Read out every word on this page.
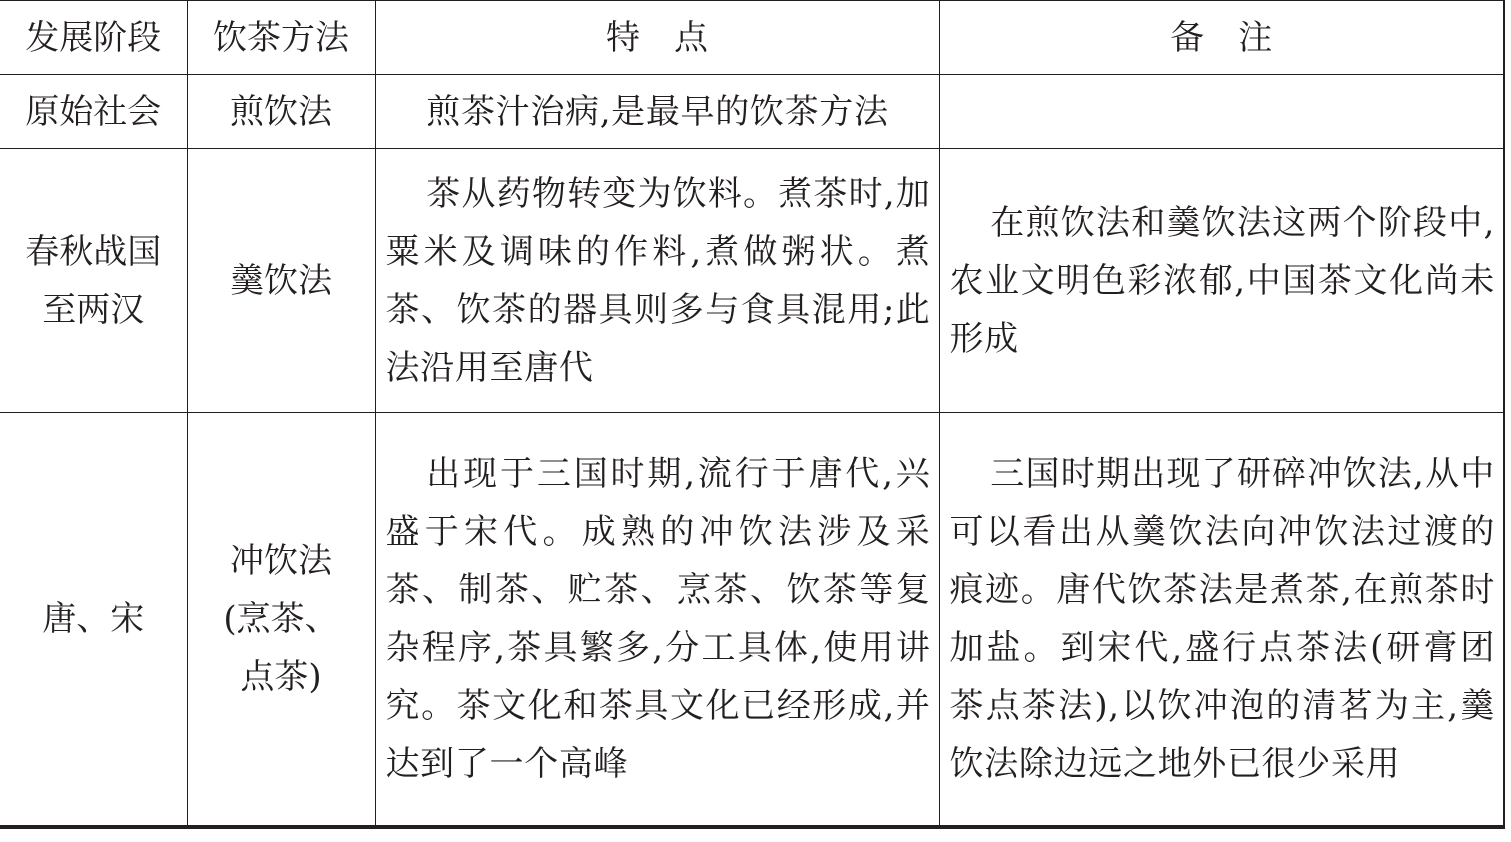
发展阶段	饮茶方法	特　点	备　注

原始社会	煎饮法	煎茶汁治病,是最早的饮茶方法	

春秋战国
至两汉	羹饮法	茶从药物转变为饮料。煮茶时,加粟米及调味的作料,煮做粥状。煮茶、饮茶的器具则多与食具混用;此法沿用至唐代	在煎饮法和羹饮法这两个阶段中,农业文明色彩浓郁,中国茶文化尚未形成

唐、宋	冲饮法
(烹茶、
点茶)	出现于三国时期,流行于唐代,兴盛于宋代。成熟的冲饮法涉及采茶、制茶、贮茶、烹茶、饮茶等复杂程序,茶具繁多,分工具体,使用讲究。茶文化和茶具文化已经形成,并达到了一个高峰	三国时期出现了研碎冲饮法,从中可以看出从羹饮法向冲饮法过渡的痕迹。唐代饮茶法是煮茶,在煎茶时加盐。到宋代,盛行点茶法(研膏团茶点茶法),以饮冲泡的清茗为主,羹饮法除边远之地外已很少采用
